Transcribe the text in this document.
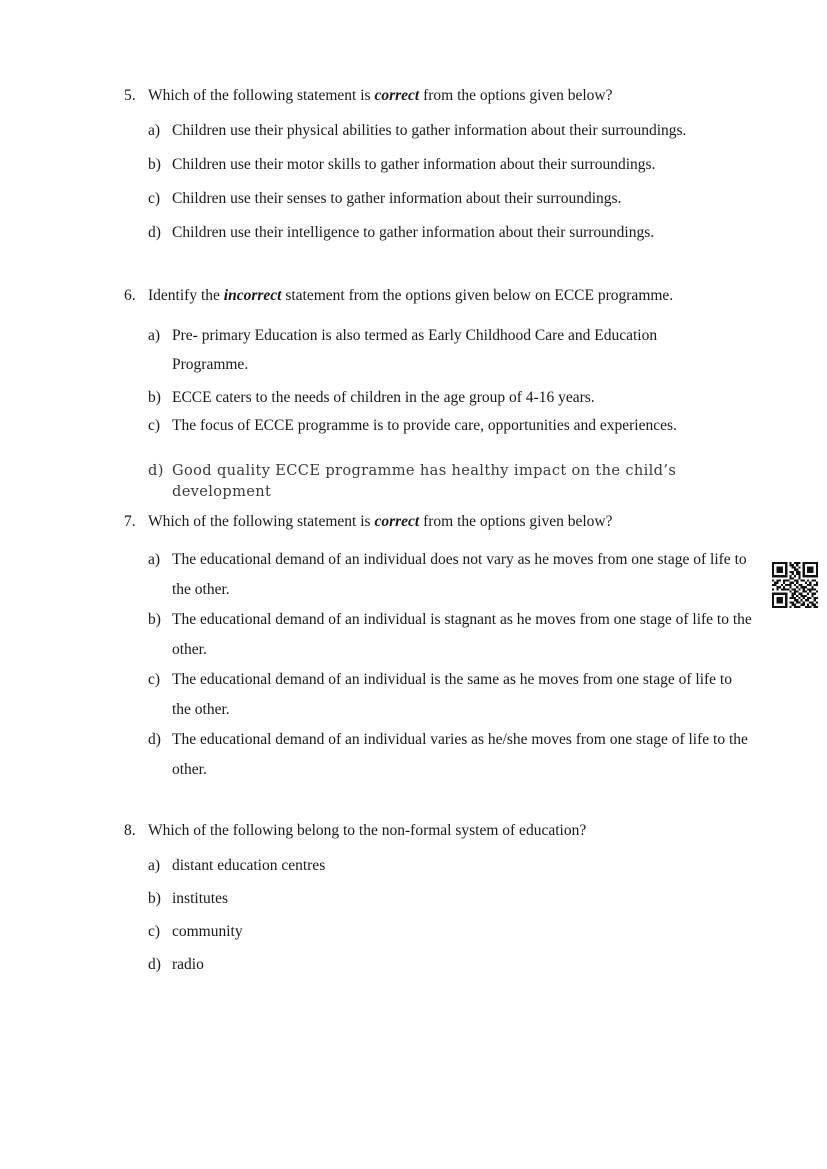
5. Which of the following statement is correct from the options given below?
a) Children use their physical abilities to gather information about their surroundings.
b) Children use their motor skills to gather information about their surroundings.
c) Children use their senses to gather information about their surroundings.
d) Children use their intelligence to gather information about their surroundings.
6. Identify the incorrect statement from the options given below on ECCE programme.
a) Pre- primary Education is also termed as Early Childhood Care and Education Programme.
b) ECCE caters to the needs of children in the age group of 4-16 years.
c) The focus of ECCE programme is to provide care, opportunities and experiences.
d) Good quality ECCE programme has healthy impact on the child’s development
7. Which of the following statement is correct from the options given below?
a) The educational demand of an individual does not vary as he moves from one stage of life to the other.
b) The educational demand of an individual is stagnant as he moves from one stage of life to the other.
c) The educational demand of an individual is the same as he moves from one stage of life to the other.
d) The educational demand of an individual varies as he/she moves from one stage of life to the other.
8. Which of the following belong to the non-formal system of education?
a) distant education centres
b) institutes
c) community
d) radio
